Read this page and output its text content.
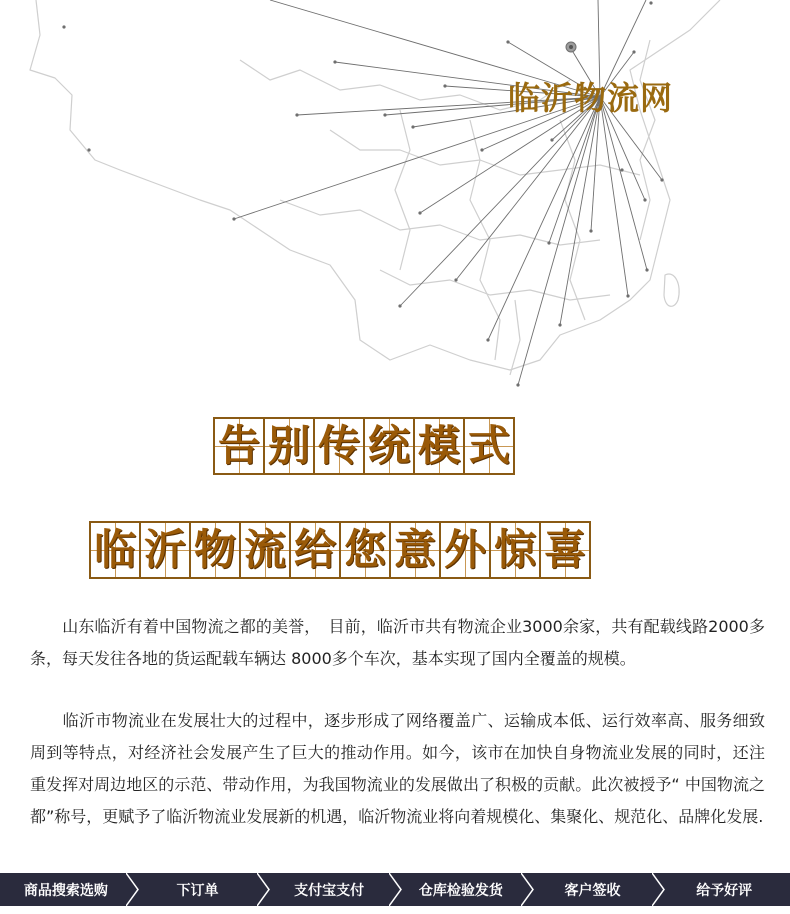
临沂物流网
告 别 传 统 模 式
临 沂 物 流 给 您 意 外 惊 喜

　　山东临沂有着中国物流之都的美誉，　目前，临沂市共有物流企业3000余家，共有配载线路2000多条，每天发往各地的货运配载车辆达 8000多个车次，基本实现了国内全覆盖的规模。

　　临沂市物流业在发展壮大的过程中，逐步形成了网络覆盖广、运输成本低、运行效率高、服务细致周到等特点，对经济社会发展产生了巨大的推动作用。如今，该市在加快自身物流业发展的同时，还注重发挥对周边地区的示范、带动作用，为我国物流业的发展做出了积极的贡献。此次被授予“ 中国物流之都”称号，更赋予了临沂物流业发展新的机遇，临沂物流业将向着规模化、集聚化、规范化、品牌化发展.

商品搜索选购	下订单	支付宝支付	仓库检验发货	客户签收	给予好评
